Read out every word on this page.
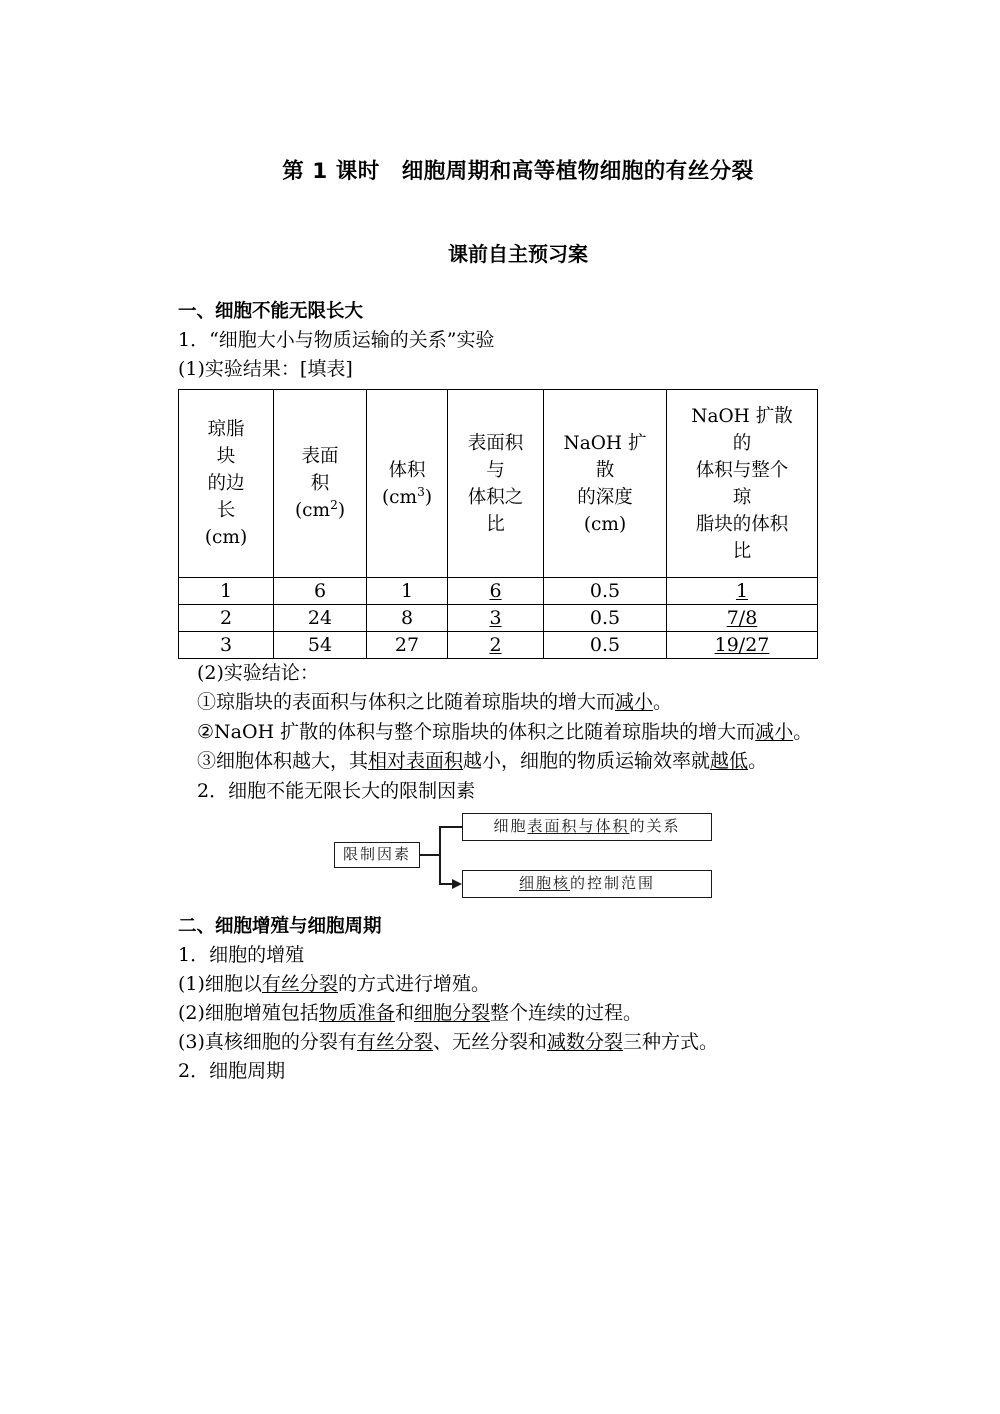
第 1 课时　细胞周期和高等植物细胞的有丝分裂
课前自主预习案

一、细胞不能无限长大

1．“细胞大小与物质运输的关系”实验

(1)实验结果：[填表]

琼脂
块
的边
长
(cm)

表面
积
$(cm^2)$

体积
$(cm^3)$

表面积
与
体积之
比

NaOH 扩
散
的深度
(cm)

NaOH 扩散
的
体积与整个
琼
脂块的体积
比

1	6	1	6	0.5	1
2	24	8	3	0.5	7/8
3	54	27	2	0.5	19/27

(2)实验结论：

①琼脂块的表面积与体积之比随着琼脂块的增大而减小。

②NaOH 扩散的体积与整个琼脂块的体积之比随着琼脂块的增大而减小。

③细胞体积越大，其相对表面积越小，细胞的物质运输效率就越低。

2．细胞不能无限长大的限制因素

限制因素
细胞 表面积与体积 的关系
细胞核 的控制范围

二、细胞增殖与细胞周期

1．细胞的增殖

(1)细胞以有丝分裂的方式进行增殖。

(2)细胞增殖包括物质准备和细胞分裂整个连续的过程。

(3)真核细胞的分裂有有丝分裂、无丝分裂和减数分裂三种方式。

2．细胞周期
